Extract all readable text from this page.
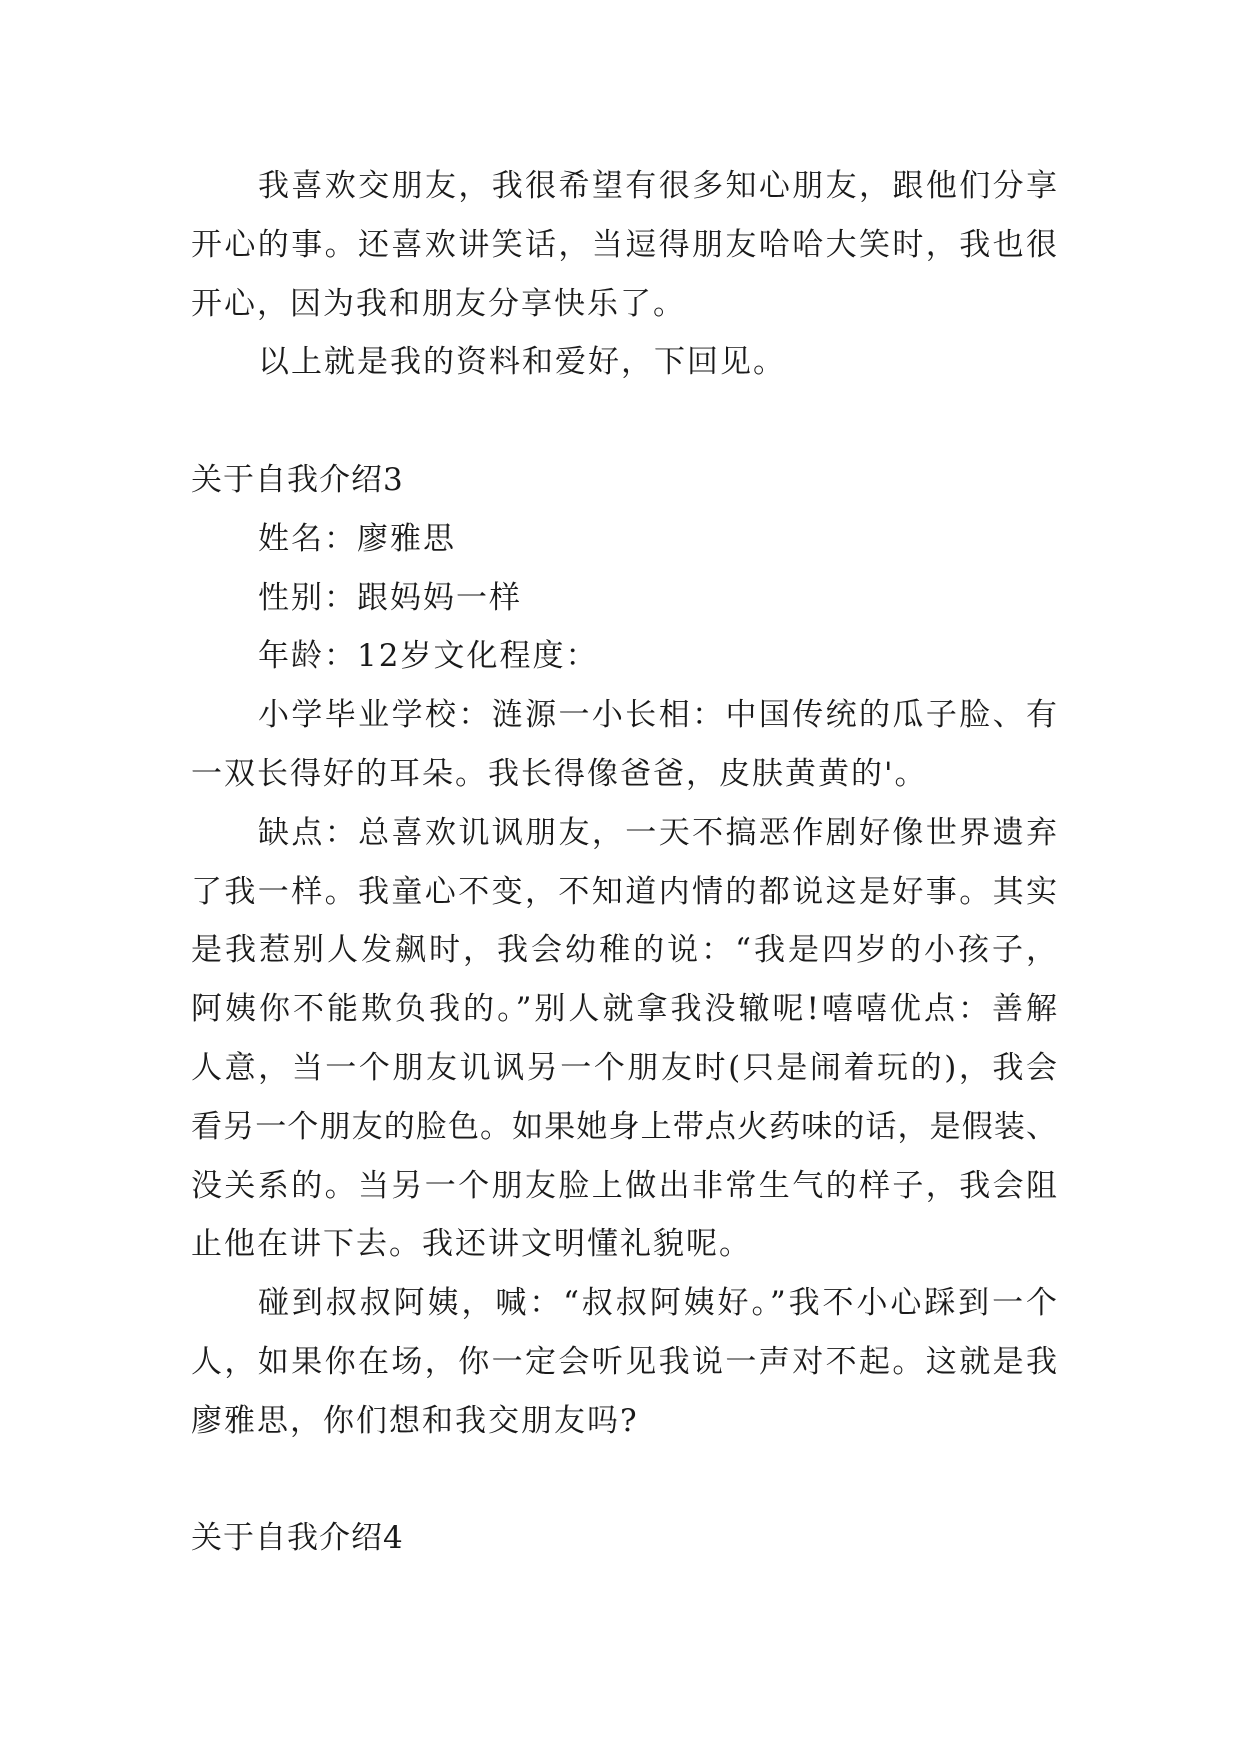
我喜欢交朋友，我很希望有很多知心朋友，跟他们分享
开心的事。还喜欢讲笑话，当逗得朋友哈哈大笑时，我也很
开心，因为我和朋友分享快乐了。
以上就是我的资料和爱好，下回见。
关于自我介绍3
姓名：廖雅思
性别：跟妈妈一样
年龄：12岁文化程度：
小学毕业学校：涟源一小长相：中国传统的瓜子脸、有
一双长得好的耳朵。我长得像爸爸，皮肤黄黄的'。
缺点：总喜欢讥讽朋友，一天不搞恶作剧好像世界遗弃
了我一样。我童心不变，不知道内情的都说这是好事。其实
是我惹别人发飙时，我会幼稚的说：“我是四岁的小孩子，
阿姨你不能欺负我的。”别人就拿我没辙呢!嘻嘻优点：善解
人意，当一个朋友讥讽另一个朋友时(只是闹着玩的)，我会
看另一个朋友的脸色。如果她身上带点火药味的话，是假装、
没关系的。当另一个朋友脸上做出非常生气的样子，我会阻
止他在讲下去。我还讲文明懂礼貌呢。
碰到叔叔阿姨，喊：“叔叔阿姨好。”我不小心踩到一个
人，如果你在场，你一定会听见我说一声对不起。这就是我
廖雅思，你们想和我交朋友吗?
关于自我介绍4
